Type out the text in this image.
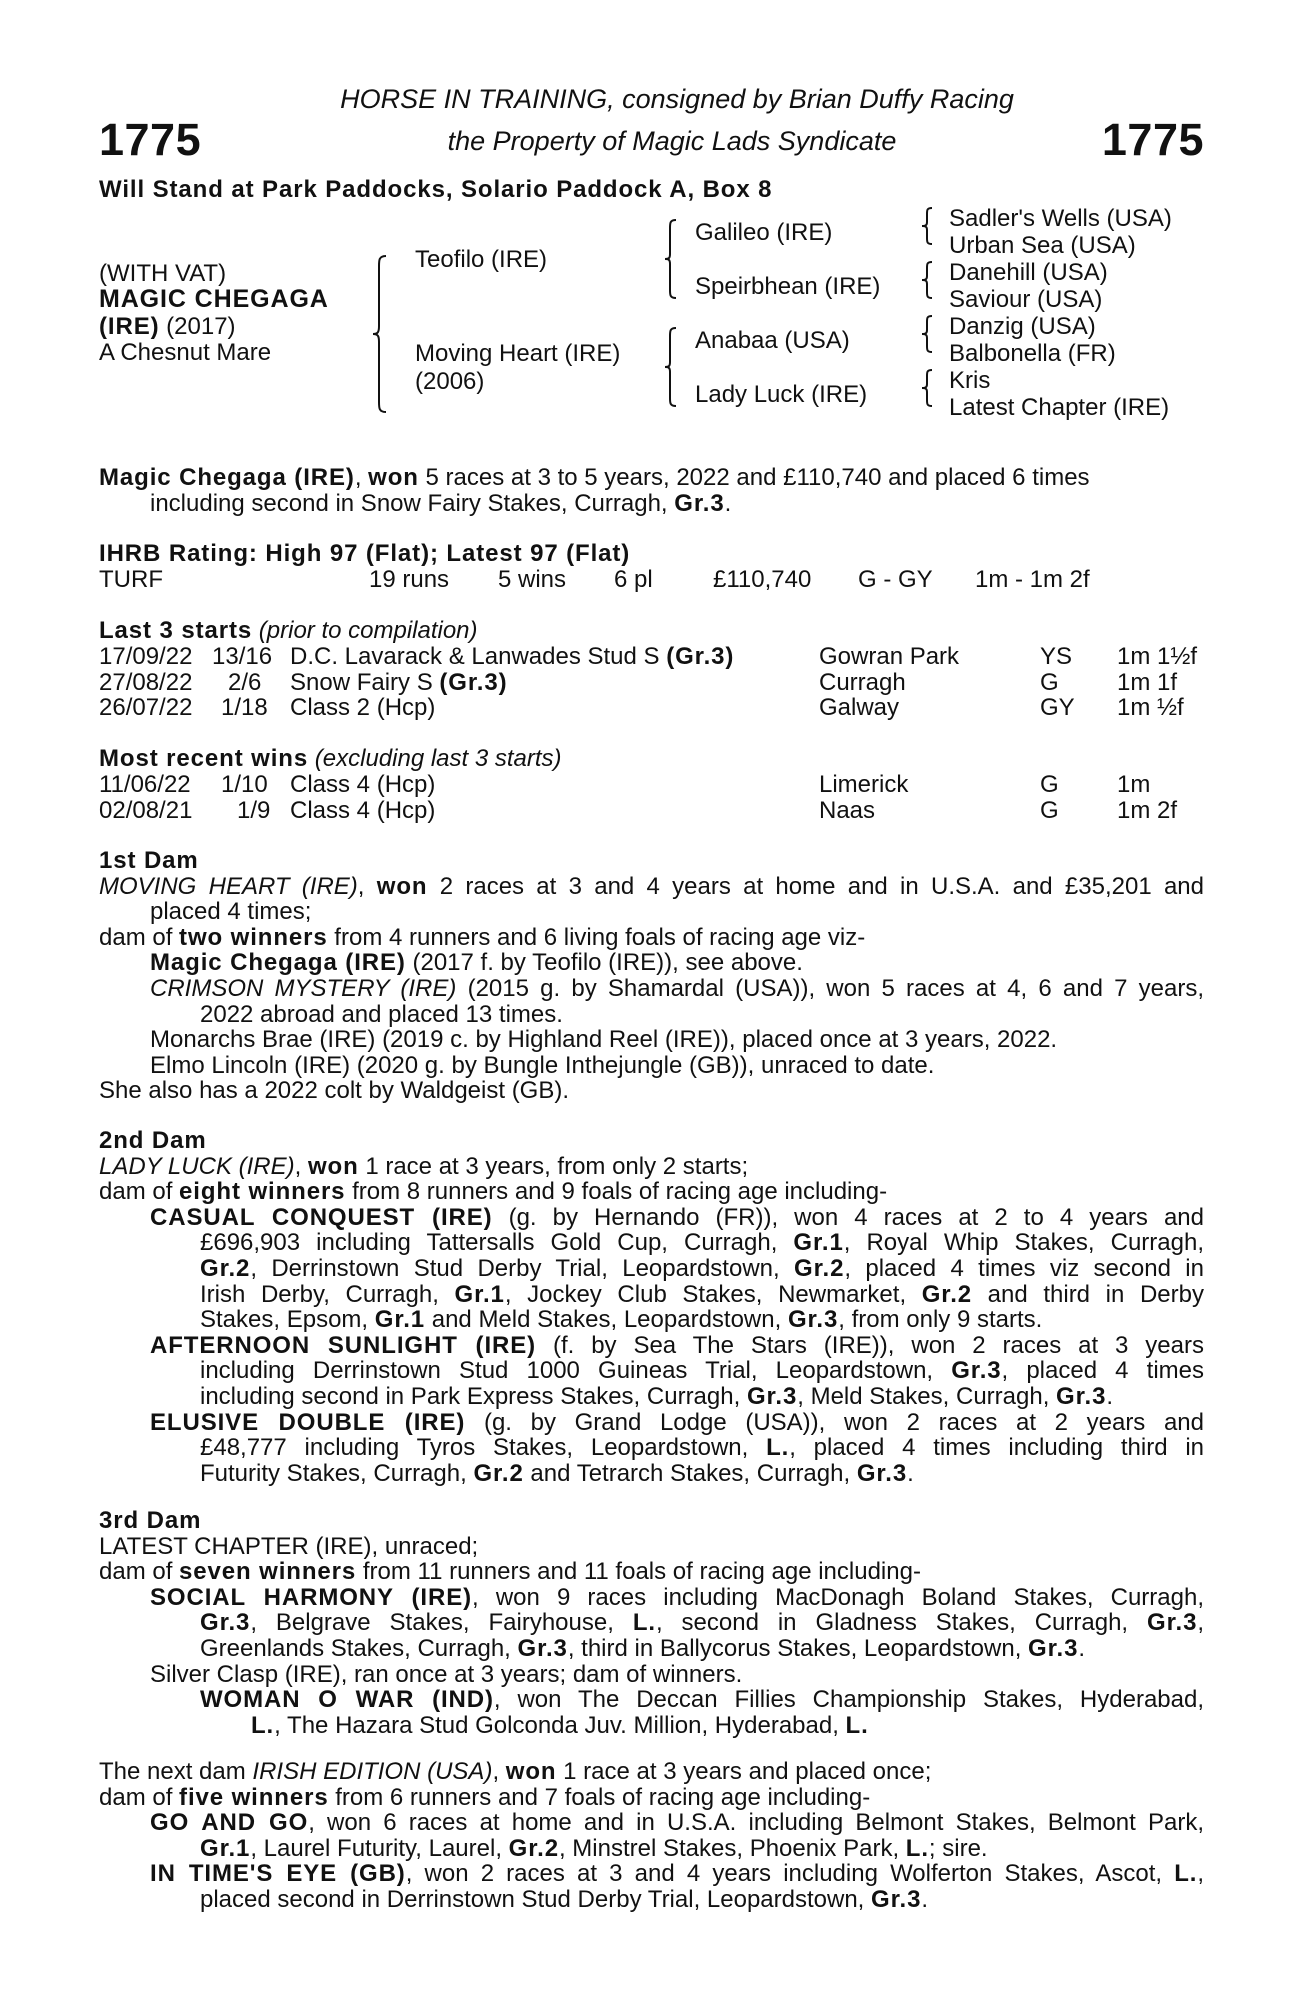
HORSE IN TRAINING, consigned by Brian Duffy Racing
1775	the Property of Magic Lads Syndicate	1775
Will Stand at Park Paddocks, Solario Paddock A, Box 8
(WITH VAT)
MAGIC CHEGAGA
(IRE) (2017)
A Chesnut Mare
Teofilo (IRE)
Moving Heart (IRE)
(2006)
Galileo (IRE)
Speirbhean (IRE)
Anabaa (USA)
Lady Luck (IRE)
Sadler's Wells (USA)
Urban Sea (USA)
Danehill (USA)
Saviour (USA)
Danzig (USA)
Balbonella (FR)
Kris
Latest Chapter (IRE)
Magic Chegaga (IRE), won 5 races at 3 to 5 years, 2022 and £110,740 and placed 6 times
including second in Snow Fairy Stakes, Curragh, Gr.3.
IHRB Rating: High 97 (Flat); Latest 97 (Flat)
TURF	19 runs 5 wins 6 pl	£110,740 G - GY 1m - 1m 2f
Last 3 starts (prior to compilation)
17/09/22 13/16 D.C. Lavarack & Lanwades Stud S (Gr.3)	Gowran Park	YS 1m 1½f
27/08/22 2/6 Snow Fairy S (Gr.3)	Curragh	G 1m 1f
26/07/22 1/18 Class 2 (Hcp)	Galway	GY 1m ½f
Most recent wins (excluding last 3 starts)
11/06/22 1/10 Class 4 (Hcp)	Limerick	G 1m
02/08/21 1/9 Class 4 (Hcp)	Naas	G 1m 2f
1st Dam
MOVING HEART (IRE), won 2 races at 3 and 4 years at home and in U.S.A. and £35,201 and
placed 4 times;
dam of two winners from 4 runners and 6 living foals of racing age viz-
Magic Chegaga (IRE) (2017 f. by Teofilo (IRE)), see above.
CRIMSON MYSTERY (IRE) (2015 g. by Shamardal (USA)), won 5 races at 4, 6 and 7 years,
2022 abroad and placed 13 times.
Monarchs Brae (IRE) (2019 c. by Highland Reel (IRE)), placed once at 3 years, 2022.
Elmo Lincoln (IRE) (2020 g. by Bungle Inthejungle (GB)), unraced to date.
She also has a 2022 colt by Waldgeist (GB).
2nd Dam
LADY LUCK (IRE), won 1 race at 3 years, from only 2 starts;
dam of eight winners from 8 runners and 9 foals of racing age including-
CASUAL CONQUEST (IRE) (g. by Hernando (FR)), won 4 races at 2 to 4 years and
£696,903 including Tattersalls Gold Cup, Curragh, Gr.1, Royal Whip Stakes, Curragh,
Gr.2, Derrinstown Stud Derby Trial, Leopardstown, Gr.2, placed 4 times viz second in
Irish Derby, Curragh, Gr.1, Jockey Club Stakes, Newmarket, Gr.2 and third in Derby
Stakes, Epsom, Gr.1 and Meld Stakes, Leopardstown, Gr.3, from only 9 starts.
AFTERNOON SUNLIGHT (IRE) (f. by Sea The Stars (IRE)), won 2 races at 3 years
including Derrinstown Stud 1000 Guineas Trial, Leopardstown, Gr.3, placed 4 times
including second in Park Express Stakes, Curragh, Gr.3, Meld Stakes, Curragh, Gr.3.
ELUSIVE DOUBLE (IRE) (g. by Grand Lodge (USA)), won 2 races at 2 years and
£48,777 including Tyros Stakes, Leopardstown, L., placed 4 times including third in
Futurity Stakes, Curragh, Gr.2 and Tetrarch Stakes, Curragh, Gr.3.
3rd Dam
LATEST CHAPTER (IRE), unraced;
dam of seven winners from 11 runners and 11 foals of racing age including-
SOCIAL HARMONY (IRE), won 9 races including MacDonagh Boland Stakes, Curragh,
Gr.3, Belgrave Stakes, Fairyhouse, L., second in Gladness Stakes, Curragh, Gr.3,
Greenlands Stakes, Curragh, Gr.3, third in Ballycorus Stakes, Leopardstown, Gr.3.
Silver Clasp (IRE), ran once at 3 years; dam of winners.
WOMAN O WAR (IND), won The Deccan Fillies Championship Stakes, Hyderabad,
L., The Hazara Stud Golconda Juv. Million, Hyderabad, L.
The next dam IRISH EDITION (USA), won 1 race at 3 years and placed once;
dam of five winners from 6 runners and 7 foals of racing age including-
GO AND GO, won 6 races at home and in U.S.A. including Belmont Stakes, Belmont Park,
Gr.1, Laurel Futurity, Laurel, Gr.2, Minstrel Stakes, Phoenix Park, L.; sire.
IN TIME'S EYE (GB), won 2 races at 3 and 4 years including Wolferton Stakes, Ascot, L.,
placed second in Derrinstown Stud Derby Trial, Leopardstown, Gr.3.
